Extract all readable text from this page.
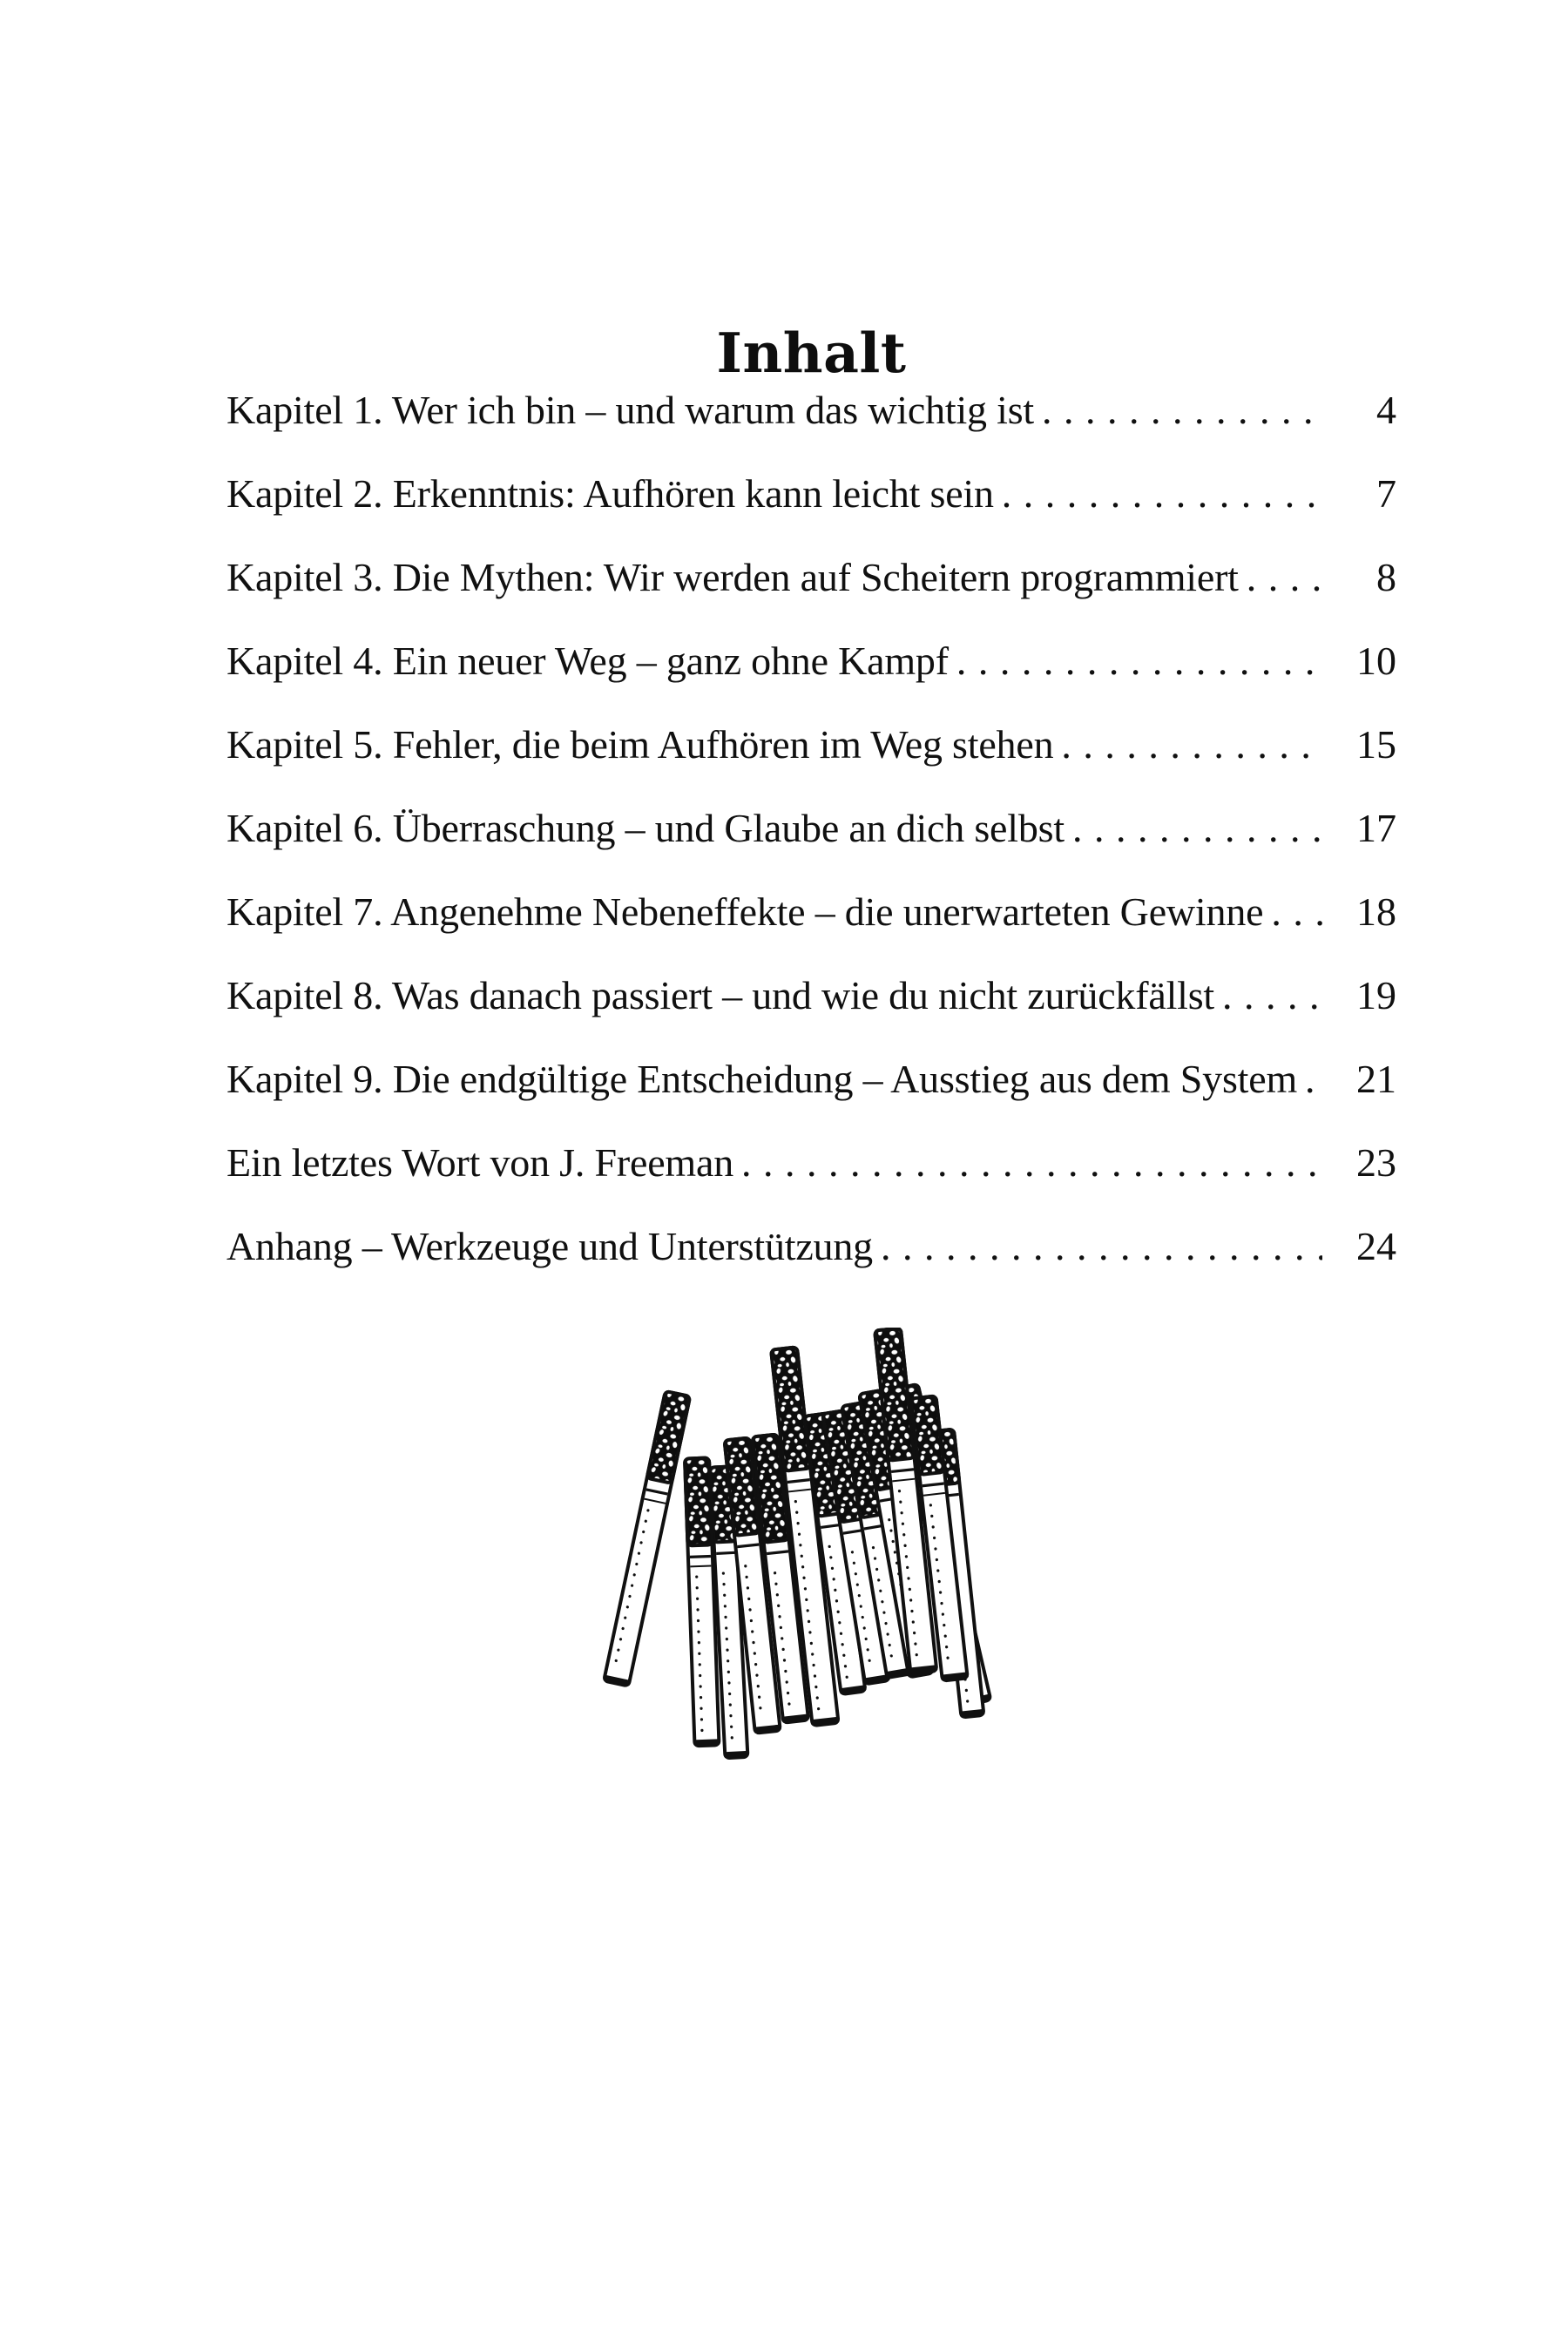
Inhalt
Kapitel 1. Wer ich bin – und warum das wichtig ist . . .	4
Kapitel 2. Erkenntnis: Aufhören kann leicht sein . . .	7
Kapitel 3. Die Mythen: Wir werden auf Scheitern programmiert . . .	8
Kapitel 4. Ein neuer Weg – ganz ohne Kampf . . .	10
Kapitel 5. Fehler, die beim Aufhören im Weg stehen . . .	15
Kapitel 6. Überraschung – und Glaube an dich selbst . . .	17
Kapitel 7. Angenehme Nebeneffekte – die unerwarteten Gewinne . . .	18
Kapitel 8. Was danach passiert – und wie du nicht zurückfällst . . .	19
Kapitel 9. Die endgültige Entscheidung – Ausstieg aus dem System . . .	21
Ein letztes Wort von J. Freeman . . .	23
Anhang – Werkzeuge und Unterstützung . . .	24
